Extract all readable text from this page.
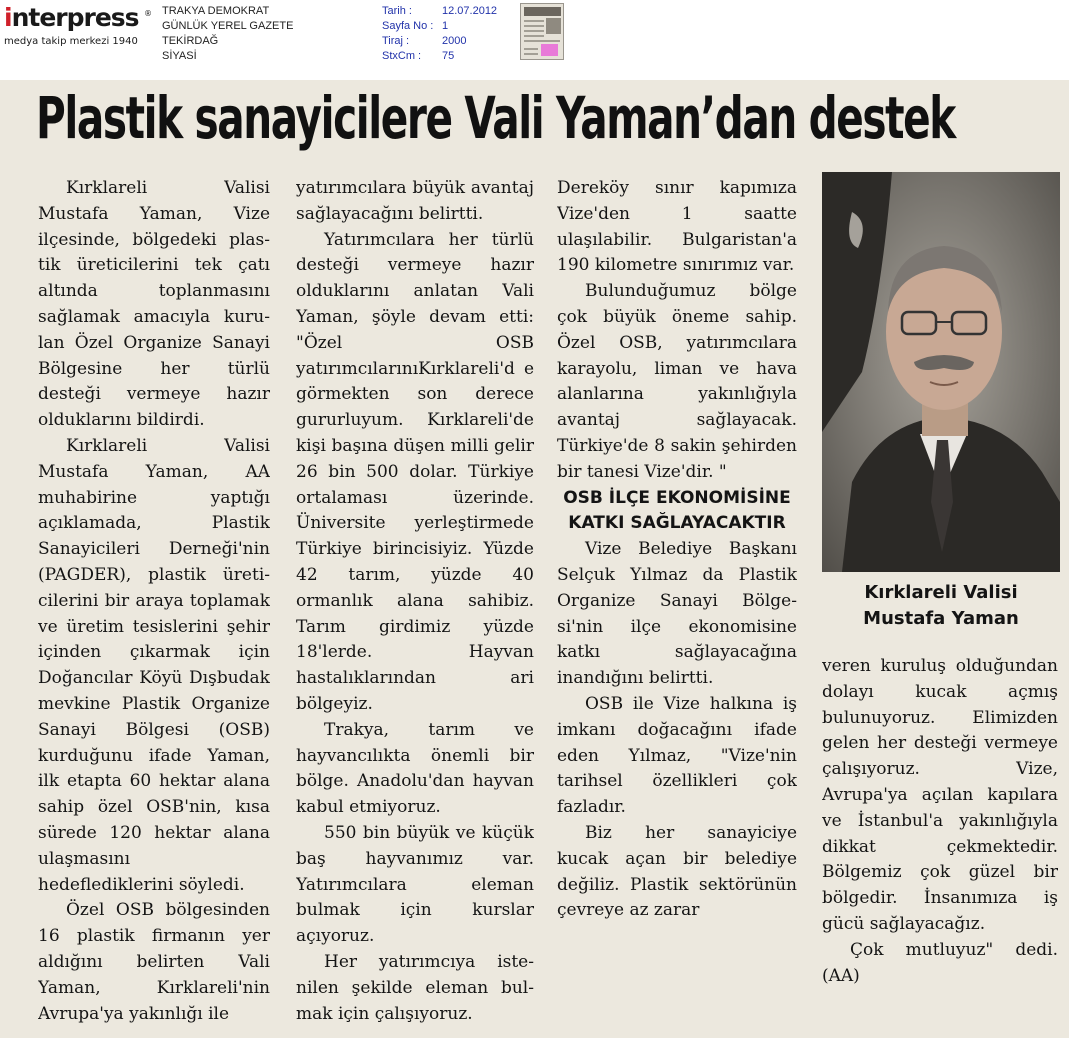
interpress ®
medya takip merkezi 1940
TRAKYA DEMOKRAT
GÜNLÜK YEREL GAZETE
TEKİRDAĞ
SİYASİ
Tarih :	12.07.2012
Sayfa No : 1
Tiraj :	2000
StxCm :	75
Plastik sanayicilere Vali Yaman’dan destek

Kırklareli Valisi Mustafa Yaman, Vize ilçesinde, bölgedeki plastik üreticilerini tek çatı altında toplanmasını sağlamak amacıyla kurulan Özel Organize Sanayi Bölgesine her türlü desteği vermeye hazır olduklarını bildirdi.

Kırklareli Valisi Mustafa Yaman, AA muhabirine yaptığı açıklamada, Plastik Sanayicileri Derneği'nin (PAGDER), plastik üreticilerini bir araya toplamak ve üretim tesislerini şehir içinden çıkarmak için Doğancılar Köyü Dışbudak mevkine Plastik Organize Sanayi Bölgesi (OSB) kurduğunu ifade Yaman, ilk etapta 60 hektar alana sahip özel OSB'nin, kısa sürede 120 hektar alana ulaşmasını hedeflediklerini söyledi.

Özel OSB bölgesinden 16 plastik firmanın yer aldığını belirten Vali Yaman, Kırklareli'nin Avrupa'ya yakınlığı ile

yatırımcılara büyük avantaj sağlayacağını belirtti.

Yatırımcılara her türlü desteği vermeye hazır olduklarını anlatan Vali Yaman, şöyle devam etti: "Özel OSB yatırımcılarınıKırklareli'd e görmekten son derece gururluyum. Kırklareli'de kişi başına düşen milli gelir 26 bin 500 dolar. Türkiye ortalaması üzerinde. Üniversite yerleştirmede Türkiye birincisiyiz. Yüzde 42 tarım, yüzde 40 ormanlık alana sahibiz. Tarım girdimiz yüzde 18'lerde. Hayvan hastalıklarından ari bölgeyiz.

Trakya, tarım ve hayvancılıkta önemli bir bölge. Anadolu'dan hayvan kabul etmiyoruz.

550 bin büyük ve küçük baş hayvanımız var. Yatırımcılara eleman bulmak için kurslar açıyoruz.

Her yatırımcıya istenilen şekilde eleman bulmak için çalışıyoruz.

Dereköy sınır kapımıza Vize'den 1 saatte ulaşılabilir. Bulgaristan'a 190 kilometre sınırımız var.

Bulunduğumuz bölge çok büyük öneme sahip. Özel OSB, yatırımcılara karayolu, liman ve hava alanlarına yakınlığıyla avantaj sağlayacak. Türkiye'de 8 sakin şehirden bir tanesi Vize'dir. "

OSB İLÇE EKONOMİSİNE KATKI SAĞLAYACAKTIR

Vize Belediye Başkanı Selçuk Yılmaz da Plastik Organize Sanayi Bölgesi'nin ilçe ekonomisine katkı sağlayacağına inandığını belirtti.

OSB ile Vize halkına iş imkanı doğacağını ifade eden Yılmaz, "Vize'nin tarihsel özellikleri çok fazladır.

Biz her sanayiciye kucak açan bir belediye değiliz. Plastik sektörünün çevreye az zarar

Kırklareli Valisi Mustafa Yaman

veren kuruluş olduğundan dolayı kucak açmış bulunuyoruz. Elimizden gelen her desteği vermeye çalışıyoruz. Vize, Avrupa'ya açılan kapılara ve İstanbul'a yakınlığıyla dikkat çekmektedir. Bölgemiz çok güzel bir bölgedir. İnsanımıza iş gücü sağlayacağız.

Çok mutluyuz" dedi. (AA)
